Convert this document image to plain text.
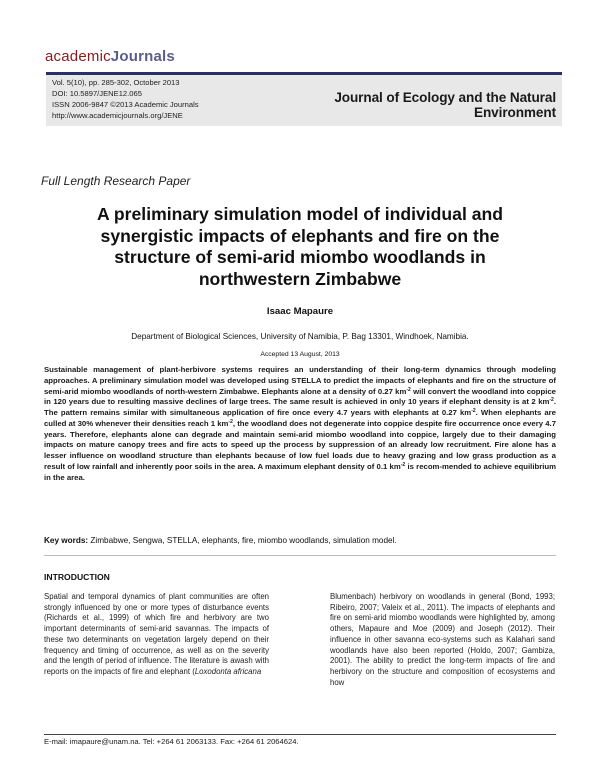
academicJournals
Vol. 5(10), pp. 285-302, October 2013
DOI: 10.5897/JENE12.065
ISSN 2006-9847 ©2013 Academic Journals
http://www.academicjournals.org/JENE
Journal of Ecology and the Natural Environment
Full Length Research Paper
A preliminary simulation model of individual and synergistic impacts of elephants and fire on the structure of semi-arid miombo woodlands in northwestern Zimbabwe
Isaac Mapaure
Department of Biological Sciences, University of Namibia, P. Bag 13301, Windhoek, Namibia.
Accepted 13 August, 2013
Sustainable management of plant-herbivore systems requires an understanding of their long-term dynamics through modeling approaches. A preliminary simulation model was developed using STELLA to predict the impacts of elephants and fire on the structure of semi-arid miombo woodlands of north-western Zimbabwe. Elephants alone at a density of 0.27 $km^{-2}$ will convert the woodland into coppice in 120 years due to resulting massive declines of large trees. The same result is achieved in only 10 years if elephant density is at 2 $km^{-2}$. The pattern remains similar with simultaneous application of fire once every 4.7 years with elephants at 0.27 $km^{-2}$. When elephants are culled at 30% whenever their densities reach 1 $km^{-2}$, the woodland does not degenerate into coppice despite fire occurrence once every 4.7 years. Therefore, elephants alone can degrade and maintain semi-arid miombo woodland into coppice, largely due to their damaging impacts on mature canopy trees and fire acts to speed up the process by suppression of an already low recruitment. Fire alone has a lesser influence on woodland structure than elephants because of low fuel loads due to heavy grazing and low grass production as a result of low rainfall and inherently poor soils in the area. A maximum elephant density of 0.1 $km^{-2}$ is recom-mended to achieve equilibrium in the area.
Key words: Zimbabwe, Sengwa, STELLA, elephants, fire, miombo woodlands, simulation model.
INTRODUCTION
Spatial and temporal dynamics of plant communities are often strongly influenced by one or more types of disturbance events (Richards et al., 1999) of which fire and herbivory are two important determinants of semi-arid savannas. The impacts of these two determinants on vegetation largely depend on their frequency and timing of occurrence, as well as on the severity and the length of period of influence. The literature is awash with reports on the impacts of fire and elephant (Loxodonta africana
Blumenbach) herbivory on woodlands in general (Bond, 1993; Ribeiro, 2007; Valeix et al., 2011). The impacts of elephants and fire on semi-arid miombo woodlands were highlighted by, among others, Mapaure and Moe (2009) and Joseph (2012). Their influence in other savanna eco-systems such as Kalahari sand woodlands have also been reported (Holdo, 2007; Gambiza, 2001). The ability to predict the long-term impacts of fire and herbivory on the structure and composition of ecosystems and how
E-mail: imapaure@unam.na. Tel: +264 61 2063133. Fax: +264 61 2064624.
